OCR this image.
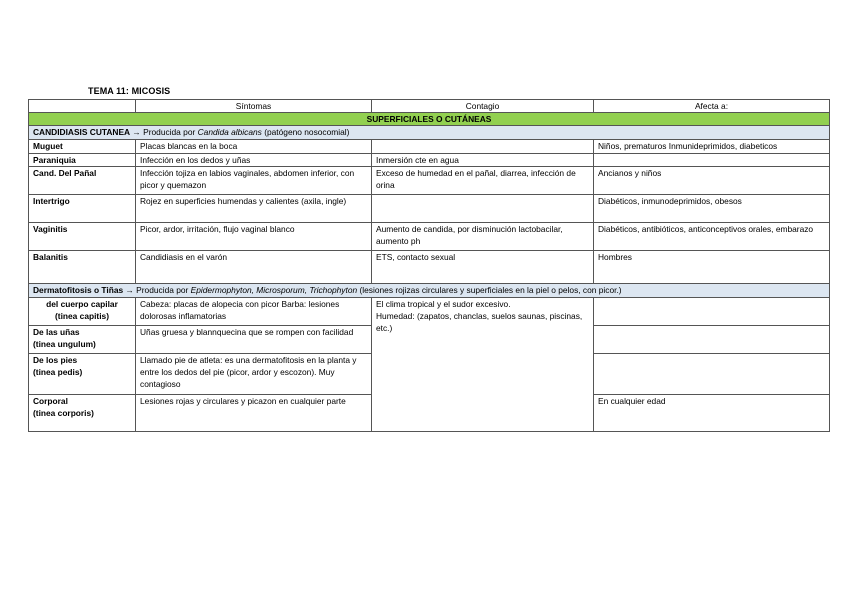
TEMA 11: MICOSIS
	Síntomas	Contagio	Afecta a:
SUPERFICIALES O CUTÁNEAS			
CANDIDIASIS CUTANEA → Producida por Candida albicans (patógeno nosocomial)			
Muguet	Placas blancas en la boca		Niños, prematuros Inmunideprimidos, diabeticos
Paraniquia	Infección en los dedos y uñas	Inmersión cte en agua	
Cand. Del Pañal	Infección tojiza en labios vaginales, abdomen inferior, con picor y quemazon	Exceso de humedad en el pañal, diarrea, infección de orina	Ancianos y niños
Intertrigo	Rojez en superficies humendas y calientes (axila, ingle)		Diabéticos, inmunodeprimidos, obesos
Vaginitis	Picor, ardor, irritación, flujo vaginal blanco	Aumento de candida, por disminución lactobacilar, aumento ph	Diabéticos, antibióticos, anticonceptivos orales, embarazo
Balanitis	Candidiasis en el varón	ETS, contacto sexual	Hombres
Dermatofitosis o Tiñas → Producida por Epidermophyton, Microsporum, Trichophyton (lesiones rojizas circulares y superficiales en la piel o pelos, con picor.)			

del cuerpo capilar
(tinea capitis)	Cabeza: placas de alopecia con picor Barba: lesiones dolorosas inflamatorias	El clima tropical y el sudor excesivo.
Humedad: (zapatos, chanclas, suelos saunas, piscinas, etc.)	

De las uñas
(tinea ungulum)	Uñas gruesa y blannquecina que se rompen con facilidad		

De los pies
(tinea pedis)	Llamado pie de atleta: es una dermatofitosis en la planta y entre los dedos del pie (picor, ardor y escozon). Muy contagioso		

Corporal
(tinea corporis)	Lesiones rojas y circulares y picazon en cualquier parte		En cualquier edad
